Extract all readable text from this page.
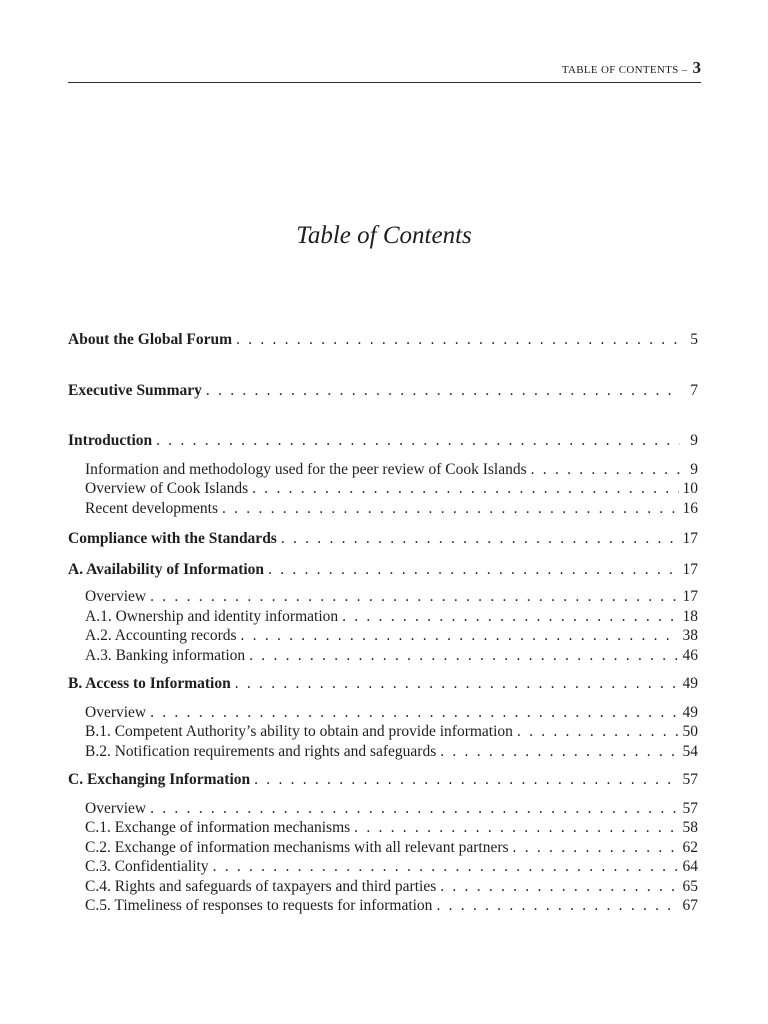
TABLE OF CONTENTS – 3
Table of Contents
About the Global Forum . . .	5
Executive Summary . . .	7
Introduction . . .	9
Information and methodology used for the peer review of Cook Islands . . .	9
Overview of Cook Islands . . .	10
Recent developments . . .	16
Compliance with the Standards . . .	17
A. Availability of Information . . .	17
Overview . . .	17
A.1. Ownership and identity information . . .	18
A.2. Accounting records . . .	38
A.3. Banking information . . .	46
B. Access to Information . . .	49
Overview . . .	49
B.1. Competent Authority’s ability to obtain and provide information . . .	50
B.2. Notification requirements and rights and safeguards . . .	54
C. Exchanging Information . . .	57
Overview . . .	57
C.1. Exchange of information mechanisms . . .	58
C.2. Exchange of information mechanisms with all relevant partners . . .	62
C.3. Confidentiality . . .	64
C.4. Rights and safeguards of taxpayers and third parties . . .	65
C.5. Timeliness of responses to requests for information . . .	67
